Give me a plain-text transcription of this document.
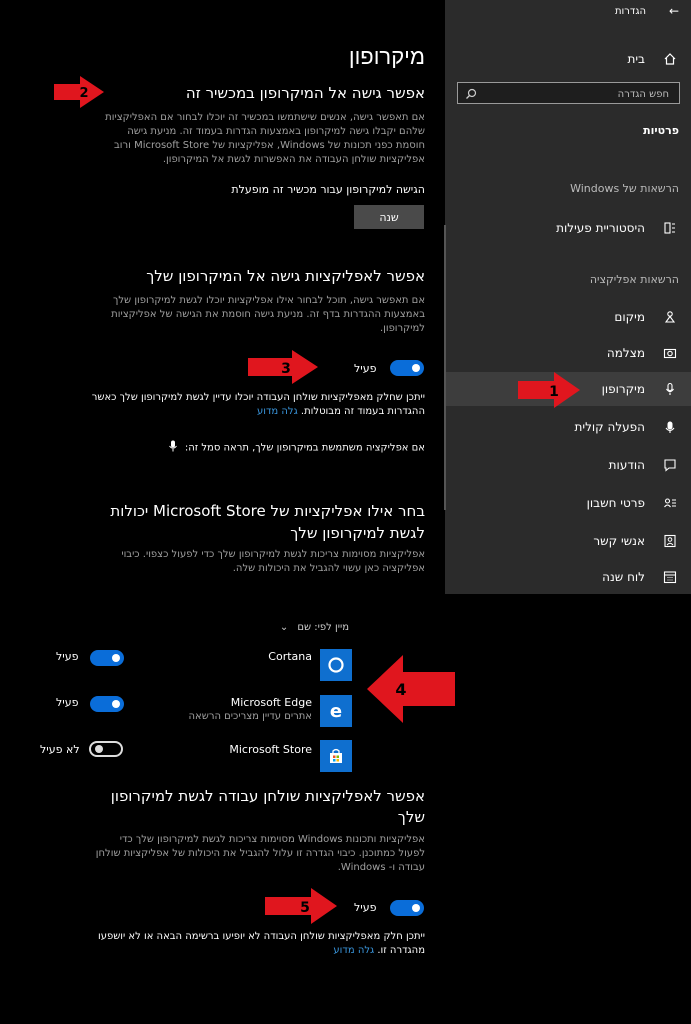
←
הגדרות
בית
חפש הגדרה
פרטיות
הרשאות של Windows
היסטוריית פעילות
הרשאות אפליקציה
מיקום
מצלמה
מיקרופון
הפעלה קולית
הודעות
פרטי חשבון
אנשי קשר
לוח שנה
מיקרופון
אפשר גישה אל המיקרופון במכשיר זה
אם תאפשר גישה, אנשים שישתמשו במכשיר זה יוכלו לבחור אם האפליקציות שלהם יקבלו גישה למיקרופון באמצעות הגדרות בעמוד זה. מניעת גישה חוסמת כפני תכונות של Windows, אפליקציות של Microsoft Store ורוב אפליקציות שולחן העבודה את האפשרות לגשת אל המיקרופון.
הגישה למיקרופון עבור מכשיר זה מופעלת
שנה
אפשר לאפליקציות גישה אל המיקרופון שלך
אם תאפשר גישה, תוכל לבחור אילו אפליקציות יוכלו לגשת למיקרופון שלך באמצעות ההגדרות בדף זה. מניעת גישה חוסמת את הגישה של אפליקציות למיקרופון.
פעיל
ייתכן שחלק מאפליקציות שולחן העבודה יוכלו עדיין לגשת למיקרופון שלך כאשר ההגדרות בעמוד זה מבוטלות. גלה מדוע
אם אפליקציה משתמשת במיקרופון שלך, תראה סמל זה:
בחר אילו אפליקציות של Microsoft Store יכולות
לגשת למיקרופון שלך
אפליקציות מסוימות צריכות לגשת למיקרופון שלך כדי לפעול כצפוי. כיבוי אפליקציה כאן עשוי להגביל את היכולות שלה.
מיין לפי: שם ⌄
Cortana
פעיל
e
Microsoft Edge
אתרים עדיין מצריכים הרשאה
פעיל
Microsoft Store
לא פעיל
אפשר לאפליקציות שולחן עבודה לגשת למיקרופון
שלך
אפליקציות ותכונות Windows מסוימות צריכות לגשת למיקרופון שלך כדי לפעול כמתוכנן. כיבוי הגדרה זו עלול להגביל את היכולות של אפליקציות שולחן עבודה ו- Windows.
פעיל
ייתכן חלק מאפליקציות שולחן העבודה לא יופיעו ברשימה הבאה או לא יושפעו מהגדרה זו. גלה מדוע
1
2
3
4
5
